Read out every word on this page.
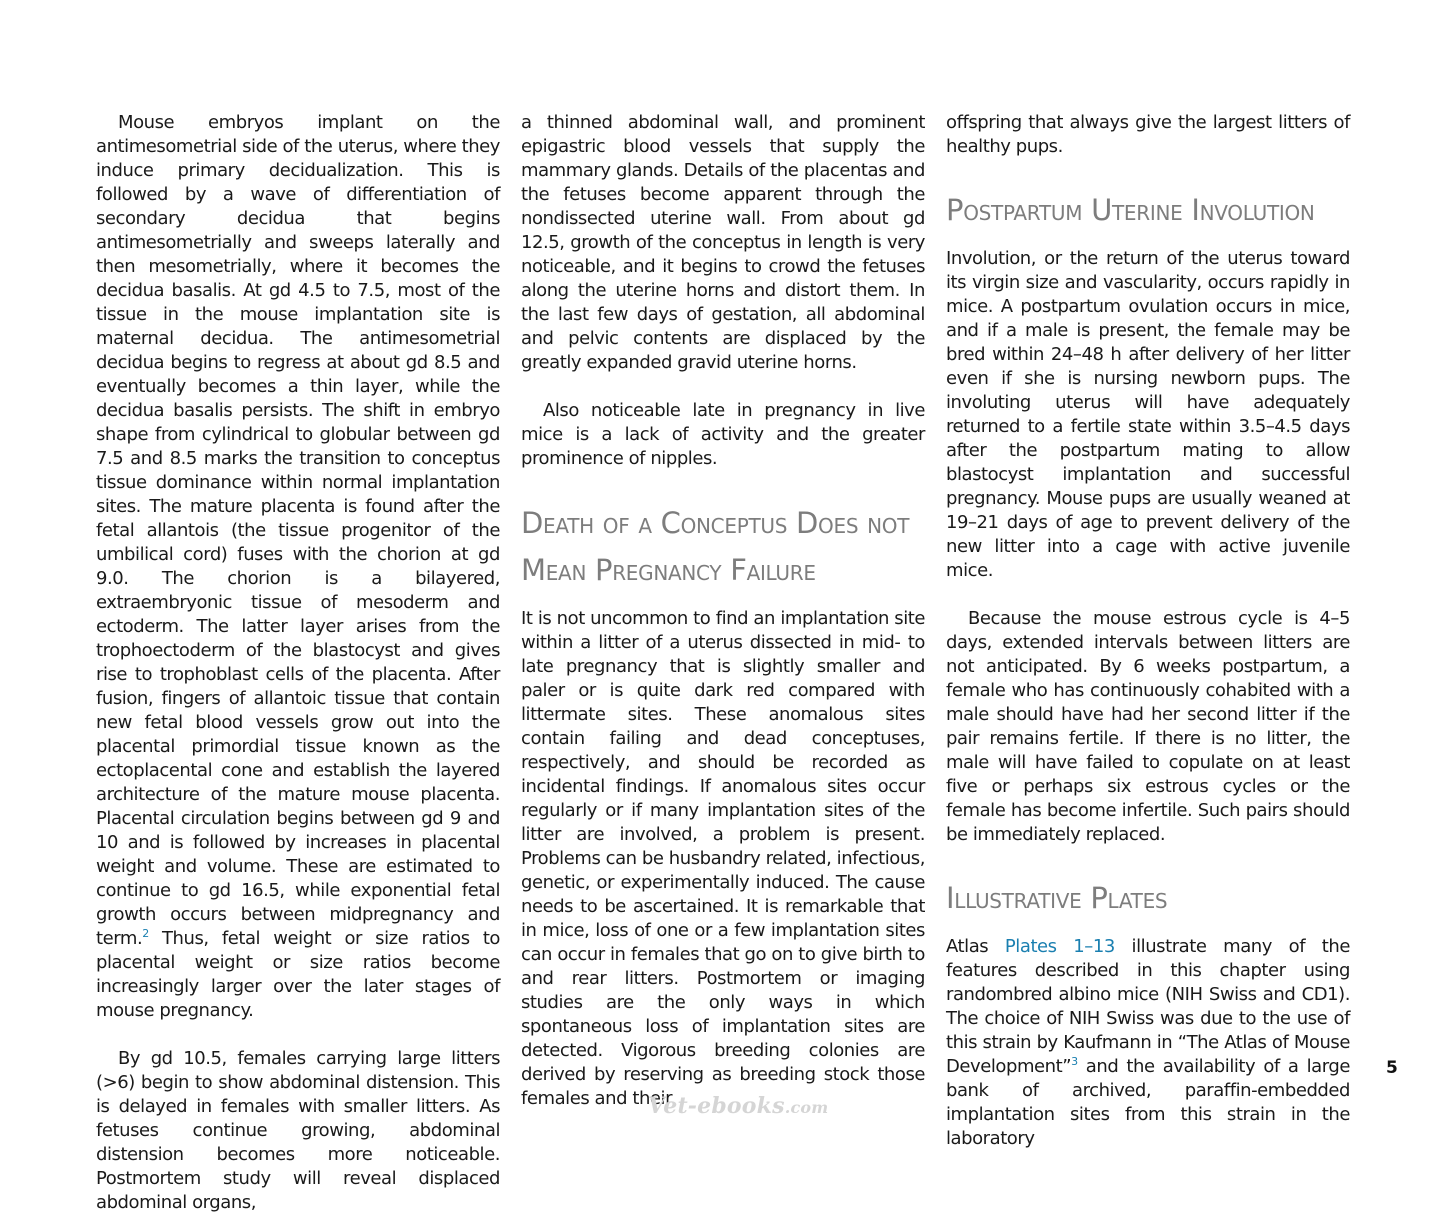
Mouse embryos implant on the antimesometrial side of the uterus, where they induce primary decidualization. This is followed by a wave of differentiation of secondary decidua that begins antimesometrially and sweeps laterally and then mesometrially, where it becomes the decidua basalis. At gd 4.5 to 7.5, most of the tissue in the mouse implantation site is maternal decidua. The antimesometrial decidua begins to regress at about gd 8.5 and eventually becomes a thin layer, while the decidua basalis persists. The shift in embryo shape from cylindrical to globular between gd 7.5 and 8.5 marks the transition to conceptus tissue dominance within normal implantation sites. The mature placenta is found after the fetal allantois (the tissue progenitor of the umbilical cord) fuses with the chorion at gd 9.0. The chorion is a bilayered, extraembryonic tissue of mesoderm and ectoderm. The latter layer arises from the trophoectoderm of the blastocyst and gives rise to trophoblast cells of the placenta. After fusion, fingers of allantoic tissue that contain new fetal blood vessels grow out into the placental primordial tissue known as the ectoplacental cone and establish the layered architecture of the mature mouse placenta. Placental circulation begins between gd 9 and 10 and is followed by increases in placental weight and volume. These are estimated to continue to gd 16.5, while exponential fetal growth occurs between midpregnancy and term.$^2$ Thus, fetal weight or size ratios to placental weight or size ratios become increasingly larger over the later stages of mouse pregnancy.

By gd 10.5, females carrying large litters (>6) begin to show abdominal distension. This is delayed in females with smaller litters. As fetuses continue growing, abdominal distension becomes more noticeable. Postmortem study will reveal displaced abdominal organs,

a thinned abdominal wall, and prominent epigastric blood vessels that supply the mammary glands. Details of the placentas and the fetuses become apparent through the nondissected uterine wall. From about gd 12.5, growth of the conceptus in length is very noticeable, and it begins to crowd the fetuses along the uterine horns and distort them. In the last few days of gestation, all abdominal and pelvic contents are displaced by the greatly expanded gravid uterine horns.

Also noticeable late in pregnancy in live mice is a lack of activity and the greater prominence of nipples.

Death of a Conceptus Does not Mean Pregnancy Failure

It is not uncommon to find an implantation site within a litter of a uterus dissected in mid- to late pregnancy that is slightly smaller and paler or is quite dark red compared with littermate sites. These anomalous sites contain failing and dead conceptuses, respectively, and should be recorded as incidental findings. If anomalous sites occur regularly or if many implantation sites of the litter are involved, a problem is present. Problems can be husbandry related, infectious, genetic, or experimentally induced. The cause needs to be ascertained. It is remarkable that in mice, loss of one or a few implantation sites can occur in females that go on to give birth to and rear litters. Postmortem or imaging studies are the only ways in which spontaneous loss of implantation sites are detected. Vigorous breeding colonies are derived by reserving as breeding stock those females and their

offspring that always give the largest litters of healthy pups.

Postpartum Uterine Involution

Involution, or the return of the uterus toward its virgin size and vascularity, occurs rapidly in mice. A postpartum ovulation occurs in mice, and if a male is present, the female may be bred within 24–48 h after delivery of her litter even if she is nursing newborn pups. The involuting uterus will have adequately returned to a fertile state within 3.5–4.5 days after the postpartum mating to allow blastocyst implantation and successful pregnancy. Mouse pups are usually weaned at 19–21 days of age to prevent delivery of the new litter into a cage with active juvenile mice.

Because the mouse estrous cycle is 4–5 days, extended intervals between litters are not anticipated. By 6 weeks postpartum, a female who has continuously cohabited with a male should have had her second litter if the pair remains fertile. If there is no litter, the male will have failed to copulate on at least five or perhaps six estrous cycles or the female has become infertile. Such pairs should be immediately replaced.

Illustrative Plates

Atlas Plates 1–13 illustrate many of the features described in this chapter using randombred albino mice (NIH Swiss and CD1). The choice of NIH Swiss was due to the use of this strain by Kaufmann in “The Atlas of Mouse Development”$^3$ and the availability of a large bank of archived, paraffin-embedded implantation sites from this strain in the laboratory

5
Vet-ebooks.com
